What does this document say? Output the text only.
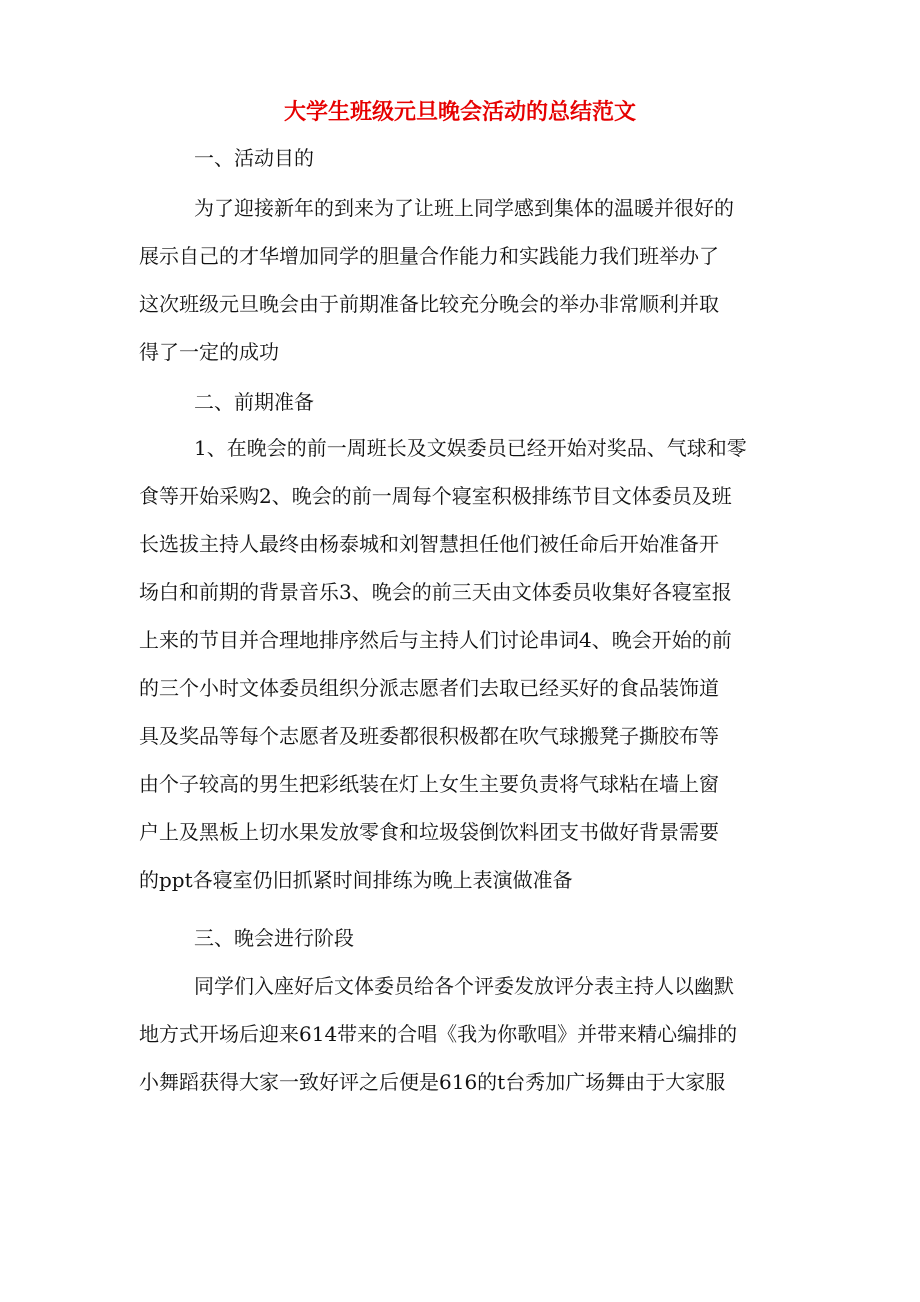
大学生班级元旦晚会活动的总结范文
一、活动目的
为了迎接新年的到来为了让班上同学感到集体的温暖并很好的
展示自己的才华增加同学的胆量合作能力和实践能力我们班举办了
这次班级元旦晚会由于前期准备比较充分晚会的举办非常顺利并取
得了一定的成功
二、前期准备
1、在晚会的前一周班长及文娱委员已经开始对奖品、气球和零
食等开始采购2、晚会的前一周每个寝室积极排练节目文体委员及班
长选拔主持人最终由杨泰城和刘智慧担任他们被任命后开始准备开
场白和前期的背景音乐3、晚会的前三天由文体委员收集好各寝室报
上来的节目并合理地排序然后与主持人们讨论串词4、晚会开始的前
的三个小时文体委员组织分派志愿者们去取已经买好的食品装饰道
具及奖品等每个志愿者及班委都很积极都在吹气球搬凳子撕胶布等
由个子较高的男生把彩纸装在灯上女生主要负责将气球粘在墙上窗
户上及黑板上切水果发放零食和垃圾袋倒饮料团支书做好背景需要
的ppt各寝室仍旧抓紧时间排练为晚上表演做准备
三、晚会进行阶段
同学们入座好后文体委员给各个评委发放评分表主持人以幽默
地方式开场后迎来614带来的合唱《我为你歌唱》并带来精心编排的
小舞蹈获得大家一致好评之后便是616的t台秀加广场舞由于大家服
